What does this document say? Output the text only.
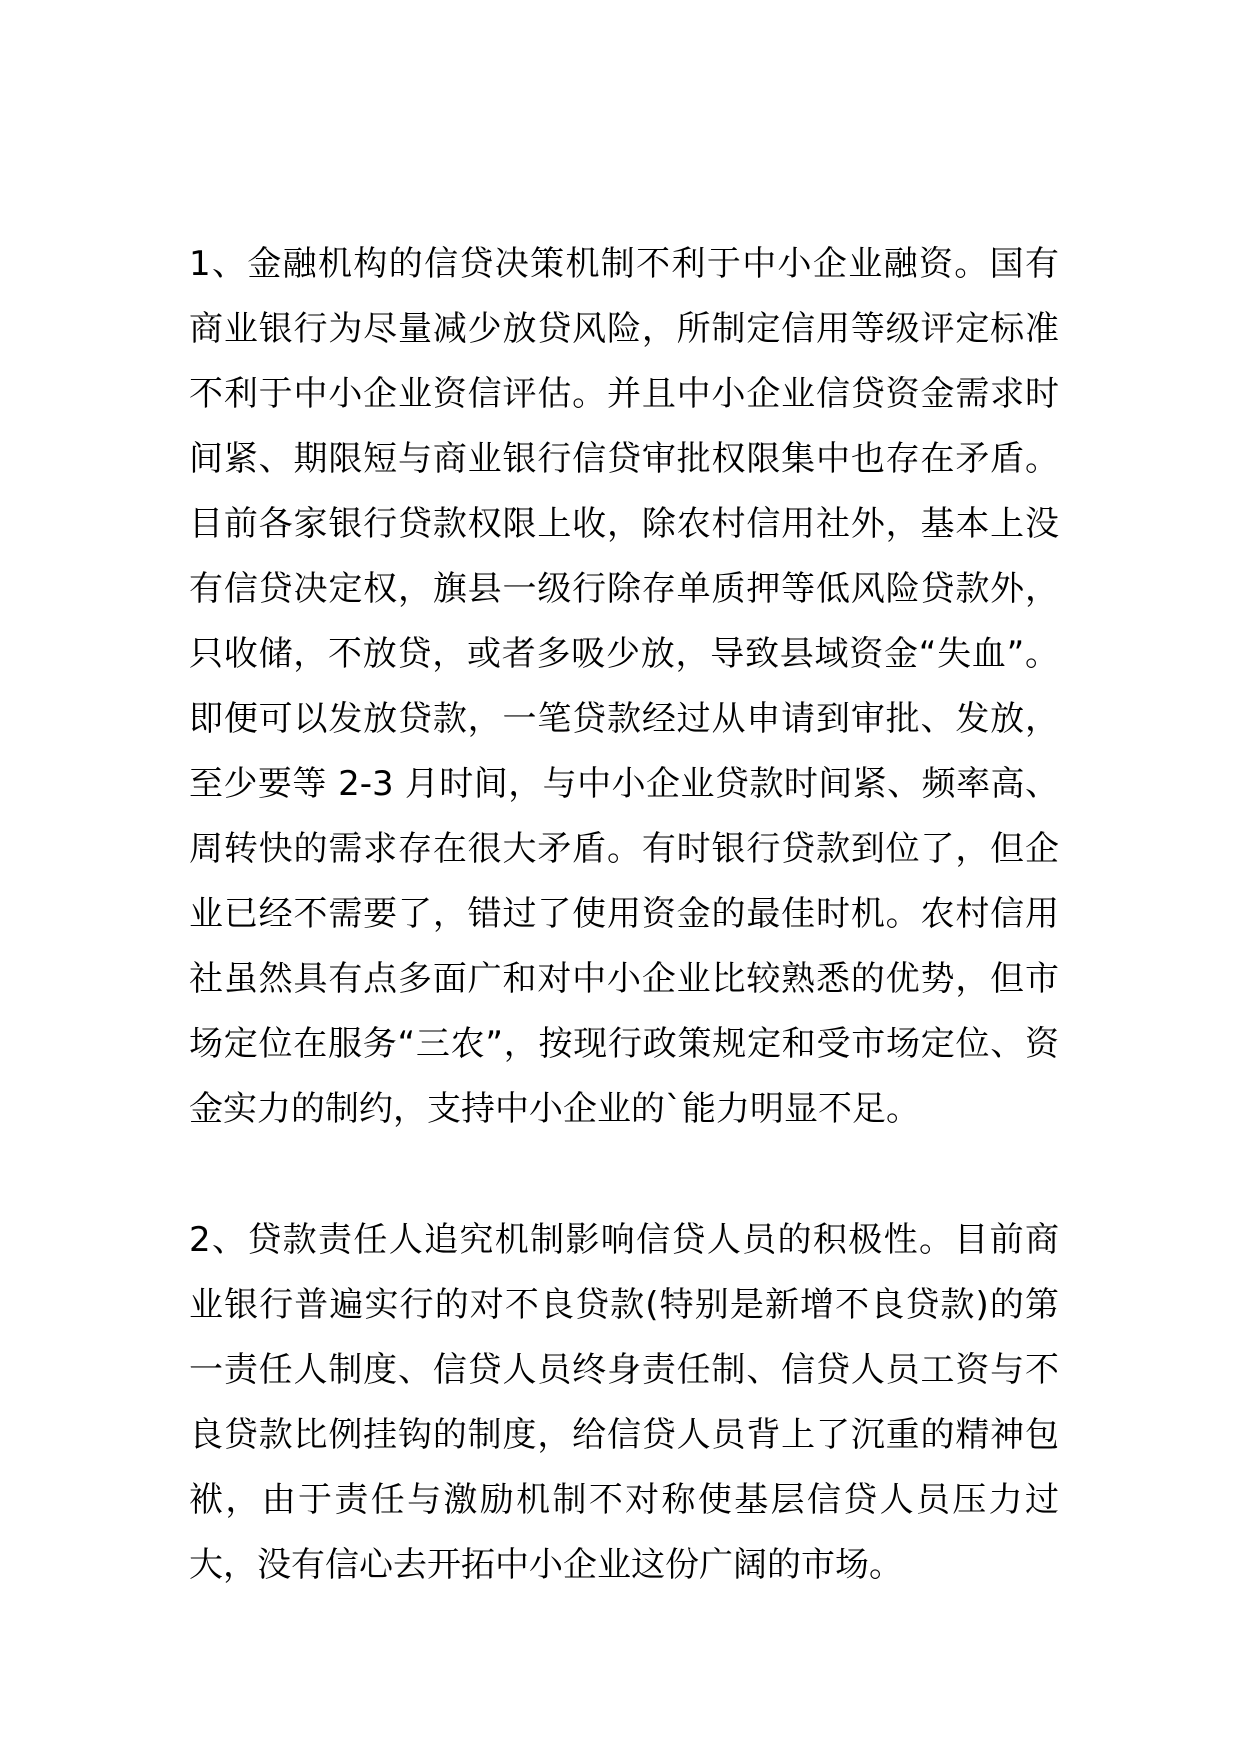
1、金融机构的信贷决策机制不利于中小企业融资。国有商业银行为尽量减少放贷风险，所制定信用等级评定标准不利于中小企业资信评估。并且中小企业信贷资金需求时间紧、期限短与商业银行信贷审批权限集中也存在矛盾。目前各家银行贷款权限上收，除农村信用社外，基本上没有信贷决定权，旗县一级行除存单质押等低风险贷款外，只收储，不放贷，或者多吸少放，导致县域资金“失血”。即便可以发放贷款，一笔贷款经过从申请到审批、发放，至少要等 2-3 月时间，与中小企业贷款时间紧、频率高、周转快的需求存在很大矛盾。有时银行贷款到位了，但企业已经不需要了，错过了使用资金的最佳时机。农村信用社虽然具有点多面广和对中小企业比较熟悉的优势，但市场定位在服务“三农”，按现行政策规定和受市场定位、资金实力的制约，支持中小企业的`能力明显不足。

2、贷款责任人追究机制影响信贷人员的积极性。目前商业银行普遍实行的对不良贷款(特别是新增不良贷款)的第一责任人制度、信贷人员终身责任制、信贷人员工资与不良贷款比例挂钩的制度，给信贷人员背上了沉重的精神包袱，由于责任与激励机制不对称使基层信贷人员压力过大，没有信心去开拓中小企业这份广阔的市场。
